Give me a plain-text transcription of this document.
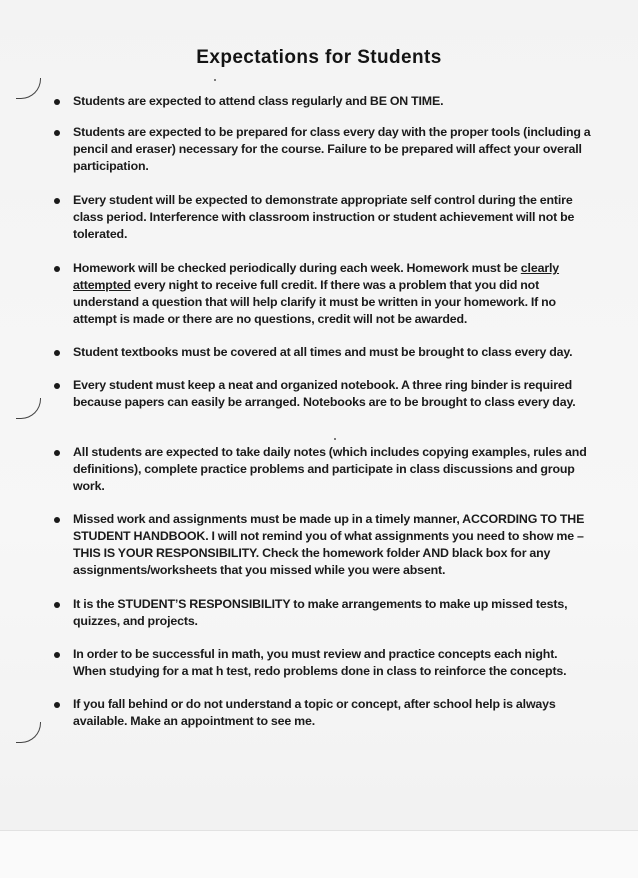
Expectations for Students
Students are expected to attend class regularly and BE ON TIME.
Students are expected to be prepared for class every day with the proper tools (including a pencil and eraser) necessary for the course. Failure to be prepared will affect your overall participation.
Every student will be expected to demonstrate appropriate self control during the entire class period. Interference with classroom instruction or student achievement will not be tolerated.
Homework will be checked periodically during each week. Homework must be clearly attempted every night to receive full credit. If there was a problem that you did not understand a question that will help clarify it must be written in your homework. If no attempt is made or there are no questions, credit will not be awarded.
Student textbooks must be covered at all times and must be brought to class every day.
Every student must keep a neat and organized notebook. A three ring binder is required because papers can easily be arranged. Notebooks are to be brought to class every day.
All students are expected to take daily notes (which includes copying examples, rules and definitions), complete practice problems and participate in class discussions and group work.
Missed work and assignments must be made up in a timely manner, ACCORDING TO THE STUDENT HANDBOOK. I will not remind you of what assignments you need to show me – THIS IS YOUR RESPONSIBILITY. Check the homework folder AND black box for any assignments/worksheets that you missed while you were absent.
It is the STUDENT’S RESPONSIBILITY to make arrangements to make up missed tests, quizzes, and projects.
In order to be successful in math, you must review and practice concepts each night. When studying for a mat h test, redo problems done in class to reinforce the concepts.
If you fall behind or do not understand a topic or concept, after school help is always available. Make an appointment to see me.
